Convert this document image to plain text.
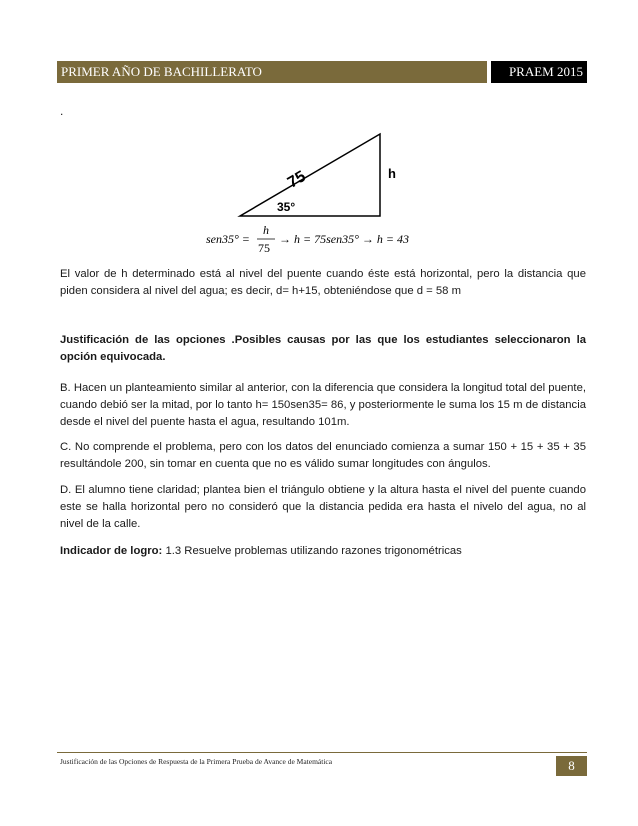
PRIMER AÑO DE BACHILLERATO	PRAEM 2015
.
75
35°
h
sen35° =
h
75
→ h = 75sen35° → h = 43

El valor de h determinado está al nivel del puente cuando éste está horizontal, pero la distancia que piden considera al nivel del agua; es decir, d= h+15, obteniéndose que d = 58 m

Justificación de las opciones .Posibles causas por las que los estudiantes seleccionaron la opción equivocada.

B. Hacen un planteamiento similar al anterior, con la diferencia que considera la longitud total del puente, cuando debió ser la mitad, por lo tanto h= 150sen35= 86, y posteriormente le suma los 15 m de distancia desde el nivel del puente hasta el agua, resultando 101m.

C. No comprende el problema, pero con los datos del enunciado comienza a sumar 150 + 15 + 35 + 35 resultándole 200, sin tomar en cuenta que no es válido sumar longitudes con ángulos.

D. El alumno tiene claridad; plantea bien el triángulo obtiene y la altura hasta el nivel del puente cuando este se halla horizontal pero no consideró que la distancia pedida era hasta el nivelo del agua, no al nivel de la calle.

Indicador de logro: 1.3 Resuelve problemas utilizando razones trigonométricas

Justificación de las Opciones de Respuesta de la Primera Prueba de Avance de Matemática	8
